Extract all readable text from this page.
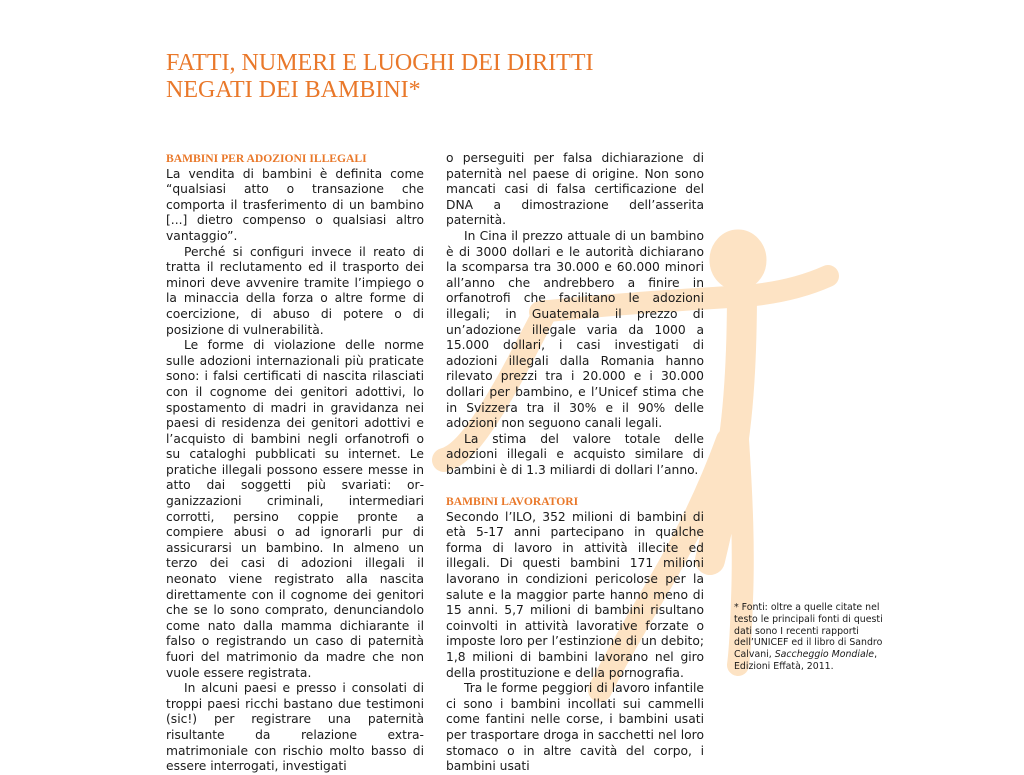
FATTI, NUMERI E LUOGHI DEI DIRITTI
NEGATI DEI BAMBINI*
BAMBINI PER ADOZIONI ILLEGALI

La vendita di bambini è definita come “qualsiasi atto o transazione che comporta il trasferimento di un bambino [...] dietro compenso o qualsiasi altro vantaggio”.

Perché si configuri invece il reato di tratta il reclutamento ed il trasporto dei minori deve avvenire tramite l’impiego o la minaccia della forza o altre forme di coercizione, di abuso di potere o di posizione di vulnerabilità.

Le forme di violazione delle norme sulle adozioni internazionali più praticate sono: i falsi certificati di nascita rilasciati con il cognome dei genitori adottivi, lo spostamento di madri in gravidanza nei paesi di residenza dei genitori adottivi e l’acquisto di bambini negli orfanotrofi o su cataloghi pubblicati su internet. Le pratiche illegali possono essere messe in atto dai soggetti più svariati: organizzazioni criminali, intermediari corrotti, persino coppie pronte a compiere abusi o ad ignorarli pur di assicurarsi un bambino. In almeno un terzo dei casi di adozioni illegali il neonato viene registrato alla nascita direttamente con il cognome dei genitori che se lo sono comprato, denunciandolo come nato dalla mamma dichiarante il falso o registrando un caso di paternità fuori del matrimonio da madre che non vuole essere registrata.

In alcuni paesi e presso i consolati di troppi paesi ricchi bastano due testimoni (sic!) per registrare una paternità risultante da relazione extra-matrimoniale con rischio molto basso di essere interrogati, investigati

o perseguiti per falsa dichiarazione di paternità nel paese di origine. Non sono mancati casi di falsa certificazione del DNA a dimostrazione dell’asserita paternità.

In Cina il prezzo attuale di un bambino è di 3000 dollari e le autorità dichiarano la scomparsa tra 30.000 e 60.000 minori all’anno che andrebbero a finire in orfanotrofi che facilitano le adozioni illegali; in Guatemala il prezzo di un’adozione illegale varia da 1000 a 15.000 dollari, i casi investigati di adozioni illegali dalla Romania hanno rilevato prezzi tra i 20.000 e i 30.000 dollari per bambino, e l’Unicef stima che in Svizzera tra il 30% e il 90% delle adozioni non seguono canali legali.

La stima del valore totale delle adozioni illegali e acquisto similare di bambini è di 1.3 miliardi di dollari l’anno.

BAMBINI LAVORATORI

Secondo l’ILO, 352 milioni di bambini di età 5-17 anni partecipano in qualche forma di lavoro in attività illecite ed illegali. Di questi bambini 171 milioni lavorano in condizioni pericolose per la salute e la maggior parte hanno meno di 15 anni. 5,7 milioni di bambini risultano coinvolti in attività lavorative forzate o imposte loro per l’estinzione di un debito; 1,8 milioni di bambini lavorano nel giro della prostituzione e della pornografia.

Tra le forme peggiori di lavoro infantile ci sono i bambini incollati sui cammelli come fantini nelle corse, i bambini usati per trasportare droga in sacchetti nel loro stomaco o in altre cavità del corpo, i bambini usati

* Fonti: oltre a quelle citate nel testo le principali fonti di questi dati sono I recenti rapporti dell’UNICEF ed il libro di Sandro Calvani, Saccheggio Mondiale, Edizioni Effatà, 2011.
